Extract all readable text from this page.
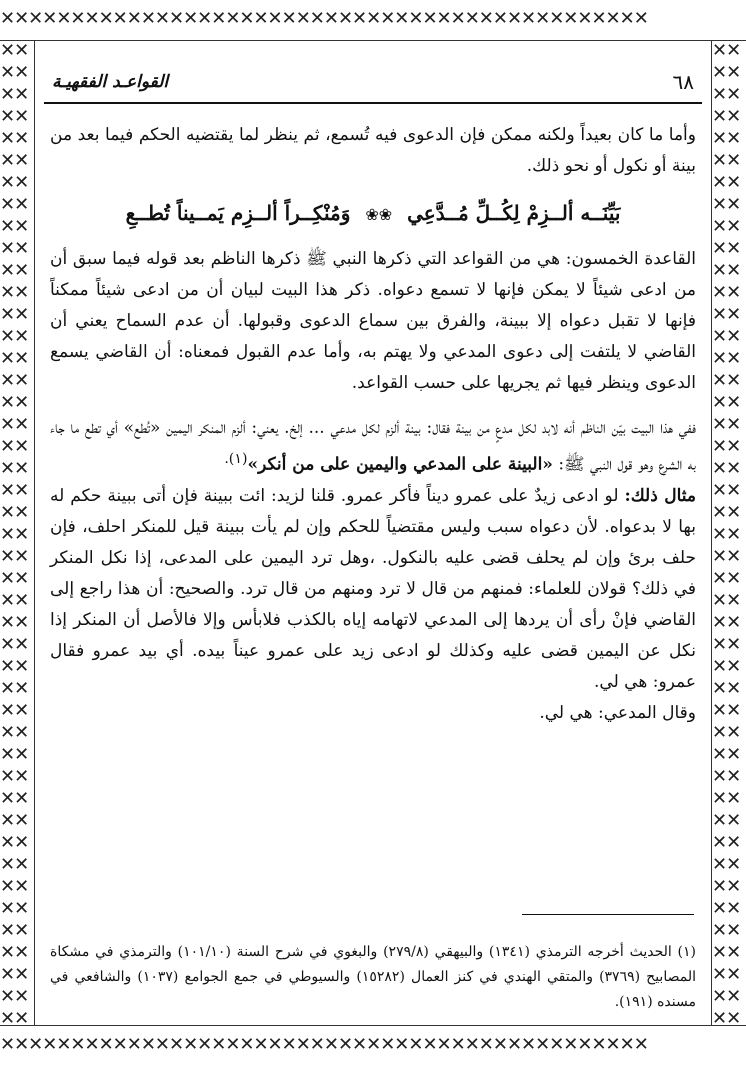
✕✕✕✕✕✕✕✕✕✕✕✕✕✕✕✕✕✕✕✕✕✕✕✕✕✕✕✕✕✕✕✕✕✕✕✕✕✕✕✕✕✕✕✕✕✕
✕✕✕✕✕✕✕✕✕✕✕✕✕✕✕✕✕✕✕✕✕✕✕✕✕✕✕✕✕✕✕✕✕✕✕✕✕✕✕✕✕✕✕✕✕✕
✕✕✕✕✕✕✕✕✕✕✕✕✕✕✕✕✕✕✕✕✕✕✕✕✕✕✕✕✕✕✕✕✕✕✕✕✕✕✕✕✕✕✕✕✕✕✕✕✕✕✕✕✕✕✕✕✕✕✕✕✕✕✕✕✕✕✕✕✕✕✕✕✕✕✕✕✕✕✕✕✕✕✕✕✕✕✕✕✕✕
✕✕✕✕✕✕✕✕✕✕✕✕✕✕✕✕✕✕✕✕✕✕✕✕✕✕✕✕✕✕✕✕✕✕✕✕✕✕✕✕✕✕✕✕✕✕✕✕✕✕✕✕✕✕✕✕✕✕✕✕✕✕✕✕✕✕✕✕✕✕✕✕✕✕✕✕✕✕✕✕✕✕✕✕✕✕✕✕✕✕
٦٨
القواعـد الفقهيـة

وأما ما كان بعيداً ولكنه ممكن فإن الدعوى فيه تُسمع، ثم ينظر لما يقتضيه الحكم فيما بعد من بينة أو نكول أو نحو ذلك.

بَيِّنَــه ألــزِمْ لِكُــلِّ مُــدَّعِي ❀❀ وَمُنْكِــراً ألــزِم يَمــيناً تُطــعِ

القاعدة الخمسون: هي من القواعد التي ذكرها النبي ﷺ ذكرها الناظم بعد قوله فيما سبق أن من ادعى شيئاً لا يمكن فإنها لا تسمع دعواه. ذكر هذا البيت لبيان أن من ادعى شيئاً ممكناً فإنها لا تقبل دعواه إلا ببينة، والفرق بين سماع الدعوى وقبولها. أن عدم السماح يعني أن القاضي لا يلتفت إلى دعوى المدعي ولا يهتم به، وأما عدم القبول فمعناه: أن القاضي يسمع الدعوى وينظر فيها ثم يجريها على حسب القواعد.

ففي هذا البيت بيّن الناظم أنه لابد لكل مدعٍ من بينة فقال: بينة ألزم لكل مدعي ... إلخ. يعني: ألزم المنكر اليمين «تُطع» أي تطع ما جاء به الشرع وهو قول النبي ﷺ: «البينة على المدعي واليمين على من أنكر»$^{(١).}$

مثال ذلك: لو ادعى زيدٌ على عمرو ديناً فأكر عمرو. قلنا لزيد: ائت ببينة فإن أتى ببينة حكم له بها لا بدعواه. لأن دعواه سبب وليس مقتضياً للحكم وإن لم يأت ببينة قيل للمنكر احلف، فإن حلف برئ وإن لم يحلف قضى عليه بالنكول. ،وهل ترد اليمين على المدعى، إذا نكل المنكر في ذلك؟ قولان للعلماء: فمنهم من قال لا ترد ومنهم من قال ترد. والصحيح: أن هذا راجع إلى القاضي فإنْ رأى أن يردها إلى المدعي لاتهامه إياه بالكذب فلابأس وإلا فالأصل أن المنكر إذا نكل عن اليمين قضى عليه وكذلك لو ادعى زيد على عمرو عيناً بيده. أي بيد عمرو فقال عمرو: هي لي.

وقال المدعي: هي لي.

(١) الحديث أخرجه الترمذي (١٣٤١) والبيهقي (٢٧٩/٨) والبغوي في شرح السنة (١٠١/١٠) والترمذي في مشكاة المصابيح (٣٧٦٩) والمتقي الهندي في كنز العمال (١٥٢٨٢) والسيوطي في جمع الجوامع (١٠٣٧) والشافعي في مسنده (١٩١).
